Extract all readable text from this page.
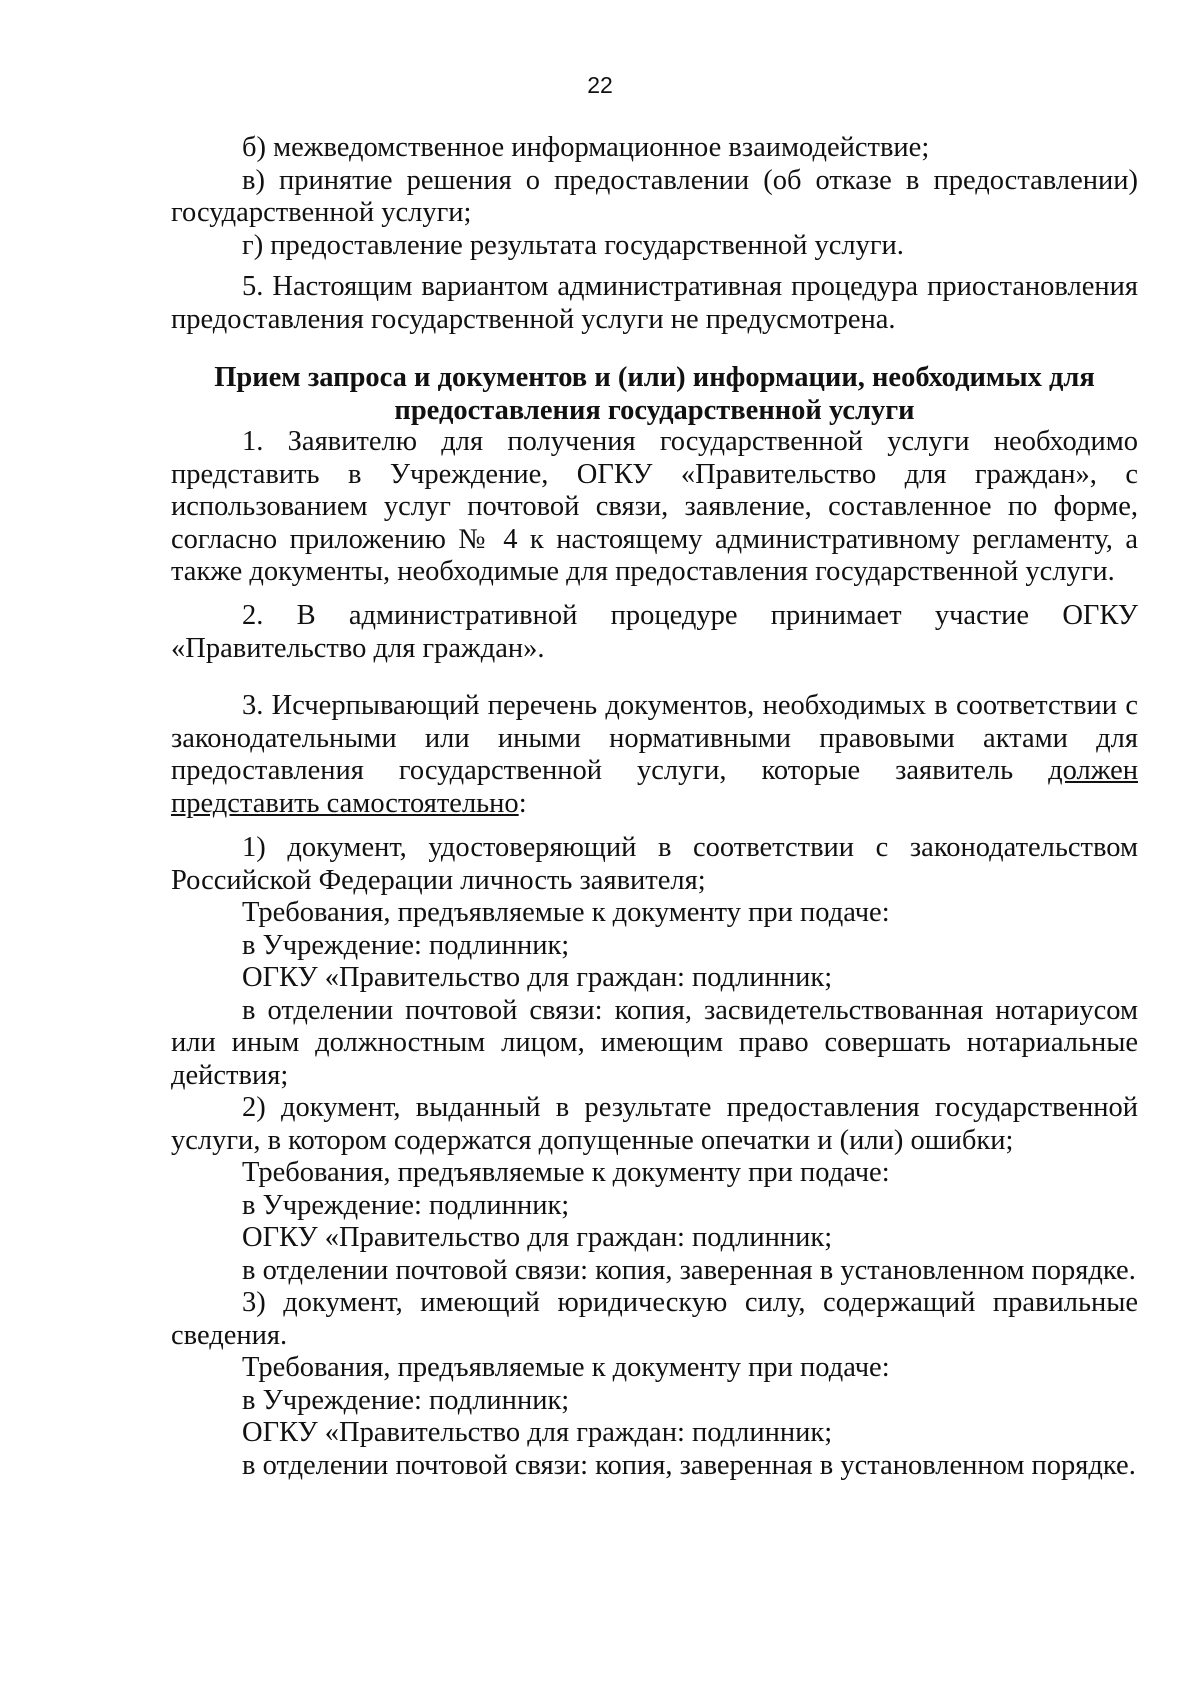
22

б) межведомственное информационное взаимодействие;

в) принятие решения о предоставлении (об отказе в предоставлении) государственной услуги;

г) предоставление результата государственной услуги.

5. Настоящим вариантом административная процедура приостановления предоставления государственной услуги не предусмотрена.

Прием запроса и документов и (или) информации, необходимых для
предоставления государственной услуги

1. Заявителю для получения государственной услуги необходимо представить в Учреждение, ОГКУ «Правительство для граждан», с использованием услуг почтовой связи, заявление, составленное по форме, согласно приложению № 4 к настоящему административному регламенту, а также документы, необходимые для предоставления государственной услуги.

2. В административной процедуре принимает участие ОГКУ «Правительство для граждан».

3. Исчерпывающий перечень документов, необходимых в соответствии с законодательными или иными нормативными правовыми актами для предоставления государственной услуги, которые заявитель должен представить самостоятельно:

1) документ, удостоверяющий в соответствии с законодательством Российской Федерации личность заявителя;

Требования, предъявляемые к документу при подаче:

в Учреждение: подлинник;

ОГКУ «Правительство для граждан: подлинник;

в отделении почтовой связи: копия, засвидетельствованная нотариусом или иным должностным лицом, имеющим право совершать нотариальные действия;

2) документ, выданный в результате предоставления государственной услуги, в котором содержатся допущенные опечатки и (или) ошибки;

Требования, предъявляемые к документу при подаче:

в Учреждение: подлинник;

ОГКУ «Правительство для граждан: подлинник;

в отделении почтовой связи: копия, заверенная в установленном порядке.

3) документ, имеющий юридическую силу, содержащий правильные сведения.

Требования, предъявляемые к документу при подаче:

в Учреждение: подлинник;

ОГКУ «Правительство для граждан: подлинник;

в отделении почтовой связи: копия, заверенная в установленном порядке.
